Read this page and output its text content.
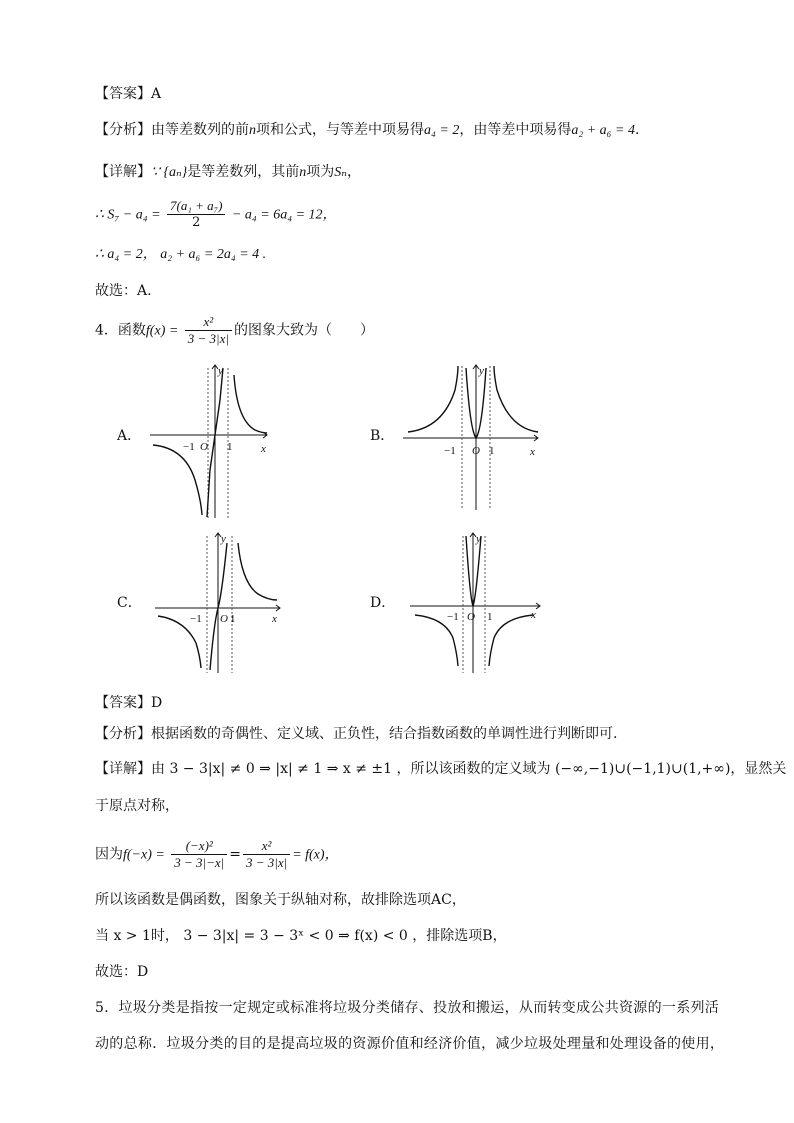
【答案】A
【分析】由等差数列的前n项和公式，与等差中项易得a₄ = 2，由等差中项易得a₂ + a₆ = 4.
【详解】∵ {aₙ}是等差数列，其前n项为Sₙ，
∴ $S_7 - a_4 = \frac{\text{7(a₁ + a₇)}}{2} - a_4 = 6a_4 = 12$，
∴ a₄ = 2， a₂ + a₆ = 2a₄ = 4 .
故选：A.
4．函数$f(x) = \frac{\text{x²}}{3 - 3|x|}$ 的图象大致为（　　）
A．	B．
C．	D．
y
x
O
−1	1
y
x
O
−1	1
y
x
O
−1	1
y
x
O
−1	1
【答案】D
【分析】根据函数的奇偶性、定义域、正负性，结合指数函数的单调性进行判断即可.
【详解】由 3 − 3|x| ≠ 0 ⇒ |x| ≠ 1 ⇒ x ≠ ±1 ，所以该函数的定义域为 (−∞,−1)∪(−1,1)∪(1,+∞)，显然关
于原点对称，
因为$f(-x) = \frac{\text{(−x)²}}{3 - 3|-x|} = \frac{\text{x²}}{3 - 3|x|} = f(x)$，
所以该函数是偶函数，图象关于纵轴对称，故排除选项AC，
当 x > 1时， 3 − 3|x| = 3 − 3ˣ < 0 ⇒ f(x) < 0 ，排除选项B，
故选：D
5．垃圾分类是指按一定规定或标准将垃圾分类储存、投放和搬运，从而转变成公共资源的一系列活
动的总称．垃圾分类的目的是提高垃圾的资源价值和经济价值，减少垃圾处理量和处理设备的使用，
